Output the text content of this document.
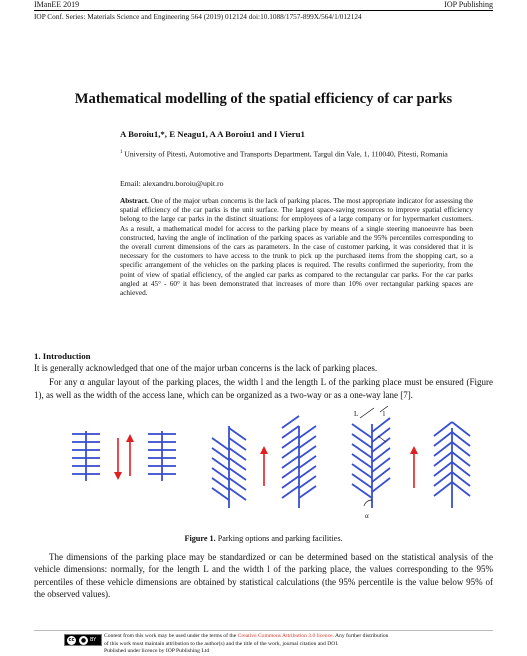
IManEE 2019	IOP Publishing
IOP Conf. Series: Materials Science and Engineering 564 (2019) 012124 doi:10.1088/1757-899X/564/1/012124
Mathematical modelling of the spatial efficiency of car parks
A Boroiu1,*, E Neagu1, A A Boroiu1 and I Vieru1
$^1$ University of Pitesti, Automotive and Transports Department, Targul din Vale, 1, 110040, Pitesti, Romania
Email: alexandru.boroiu@upit.ro
Abstract. One of the major urban concerns is the lack of parking places. The most appropriate indicator for assessing the spatial efficiency of the car parks is the unit surface. The largest space-saving resources to improve spatial efficiency belong to the large car parks in the distinct situations: for employees of a large company or for hypermarket customers. As a result, a mathematical model for access to the parking place by means of a single steering manoeuvre has been constructed, having the angle of inclination of the parking spaces as variable and the 95% percentiles corresponding to the overall current dimensions of the cars as parameters. In the case of customer parking, it was considered that it is necessary for the customers to have access to the trunk to pick up the purchased items from the shopping cart, so a specific arrangement of the vehicles on the parking places is required. The results confirmed the superiority, from the point of view of spatial efficiency, of the angled car parks as compared to the rectangular car parks. For the car parks angled at 45° - 60° it has been demonstrated that increases of more than 10% over rectangular parking spaces are achieved.
1. Introduction
It is generally acknowledged that one of the major urban concerns is the lack of parking places.
For any α angular layout of the parking places, the width l and the length L of the parking place must be ensured (Figure 1), as well as the width of the access lane, which can be organized as a two-way or as a one-way lane [7].
L	l
α
Figure 1. Parking options and parking facilities.
The dimensions of the parking place may be standardized or can be determined based on the statistical analysis of the vehicle dimensions: normally, for the length L and the width l of the parking place, the values corresponding to the 95% percentiles of these vehicle dimensions are obtained by statistical calculations (the 95% percentile is the value below 95% of the observed values).
cc	● BY
Content from this work may be used under the terms of the Creative Commons Attribution 3.0 licence. Any further distribution
of this work must maintain attribution to the author(s) and the title of the work, journal citation and DOI.
Published under licence by IOP Publishing Ltd
